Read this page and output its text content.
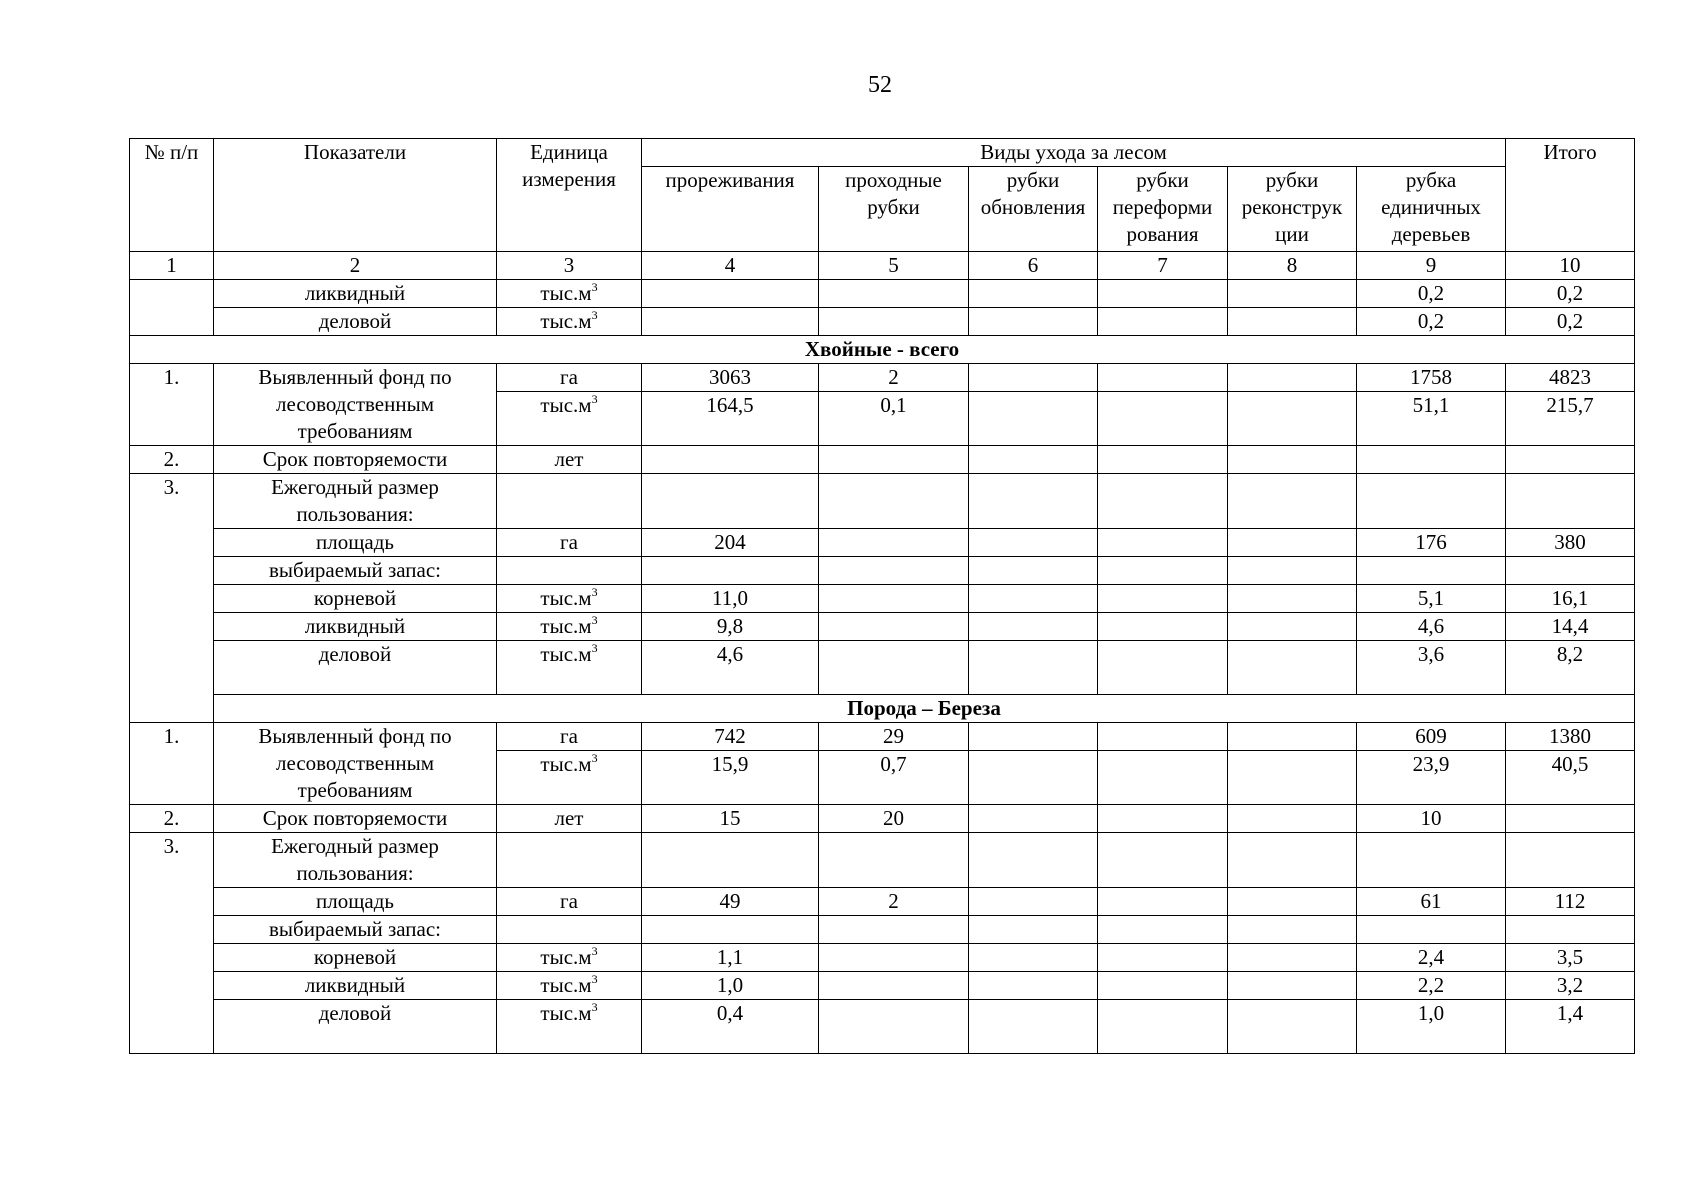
52
№ п/п	Показатели	Единица измерения	Виды ухода за лесом						Итого
			прореживания	проходные рубки	рубки обновления	рубки переформи рования	рубки реконструк ции	рубка единичных деревьев	
1	2	3	4	5	6	7	8	9	10
	ликвидный	$тыс.м^3$						0,2	0,2
	деловой	$тыс.м^3$						0,2	0,2
Хвойные - всего									
1.	Выявленный фонд по лесоводственным требованиям	га	3063	2				1758	4823
		$тыс.м^3$	164,5	0,1				51,1	215,7
2.	Срок повторяемости	лет							
3.	Ежегодный размер пользования:								
	площадь	га	204					176	380
	выбираемый запас:								
	корневой	$тыс.м^3$	11,0					5,1	16,1
	ликвидный	$тыс.м^3$	9,8					4,6	14,4
	деловой	$тыс.м^3$	4,6					3,6	8,2
	Порода – Береза								
1.	Выявленный фонд по лесоводственным требованиям	га	742	29				609	1380
		$тыс.м^3$	15,9	0,7				23,9	40,5
2.	Срок повторяемости	лет	15	20				10	
3.	Ежегодный размер пользования:								
	площадь	га	49	2				61	112
	выбираемый запас:								
	корневой	$тыс.м^3$	1,1					2,4	3,5
	ликвидный	$тыс.м^3$	1,0					2,2	3,2
	деловой	$тыс.м^3$	0,4					1,0	1,4
